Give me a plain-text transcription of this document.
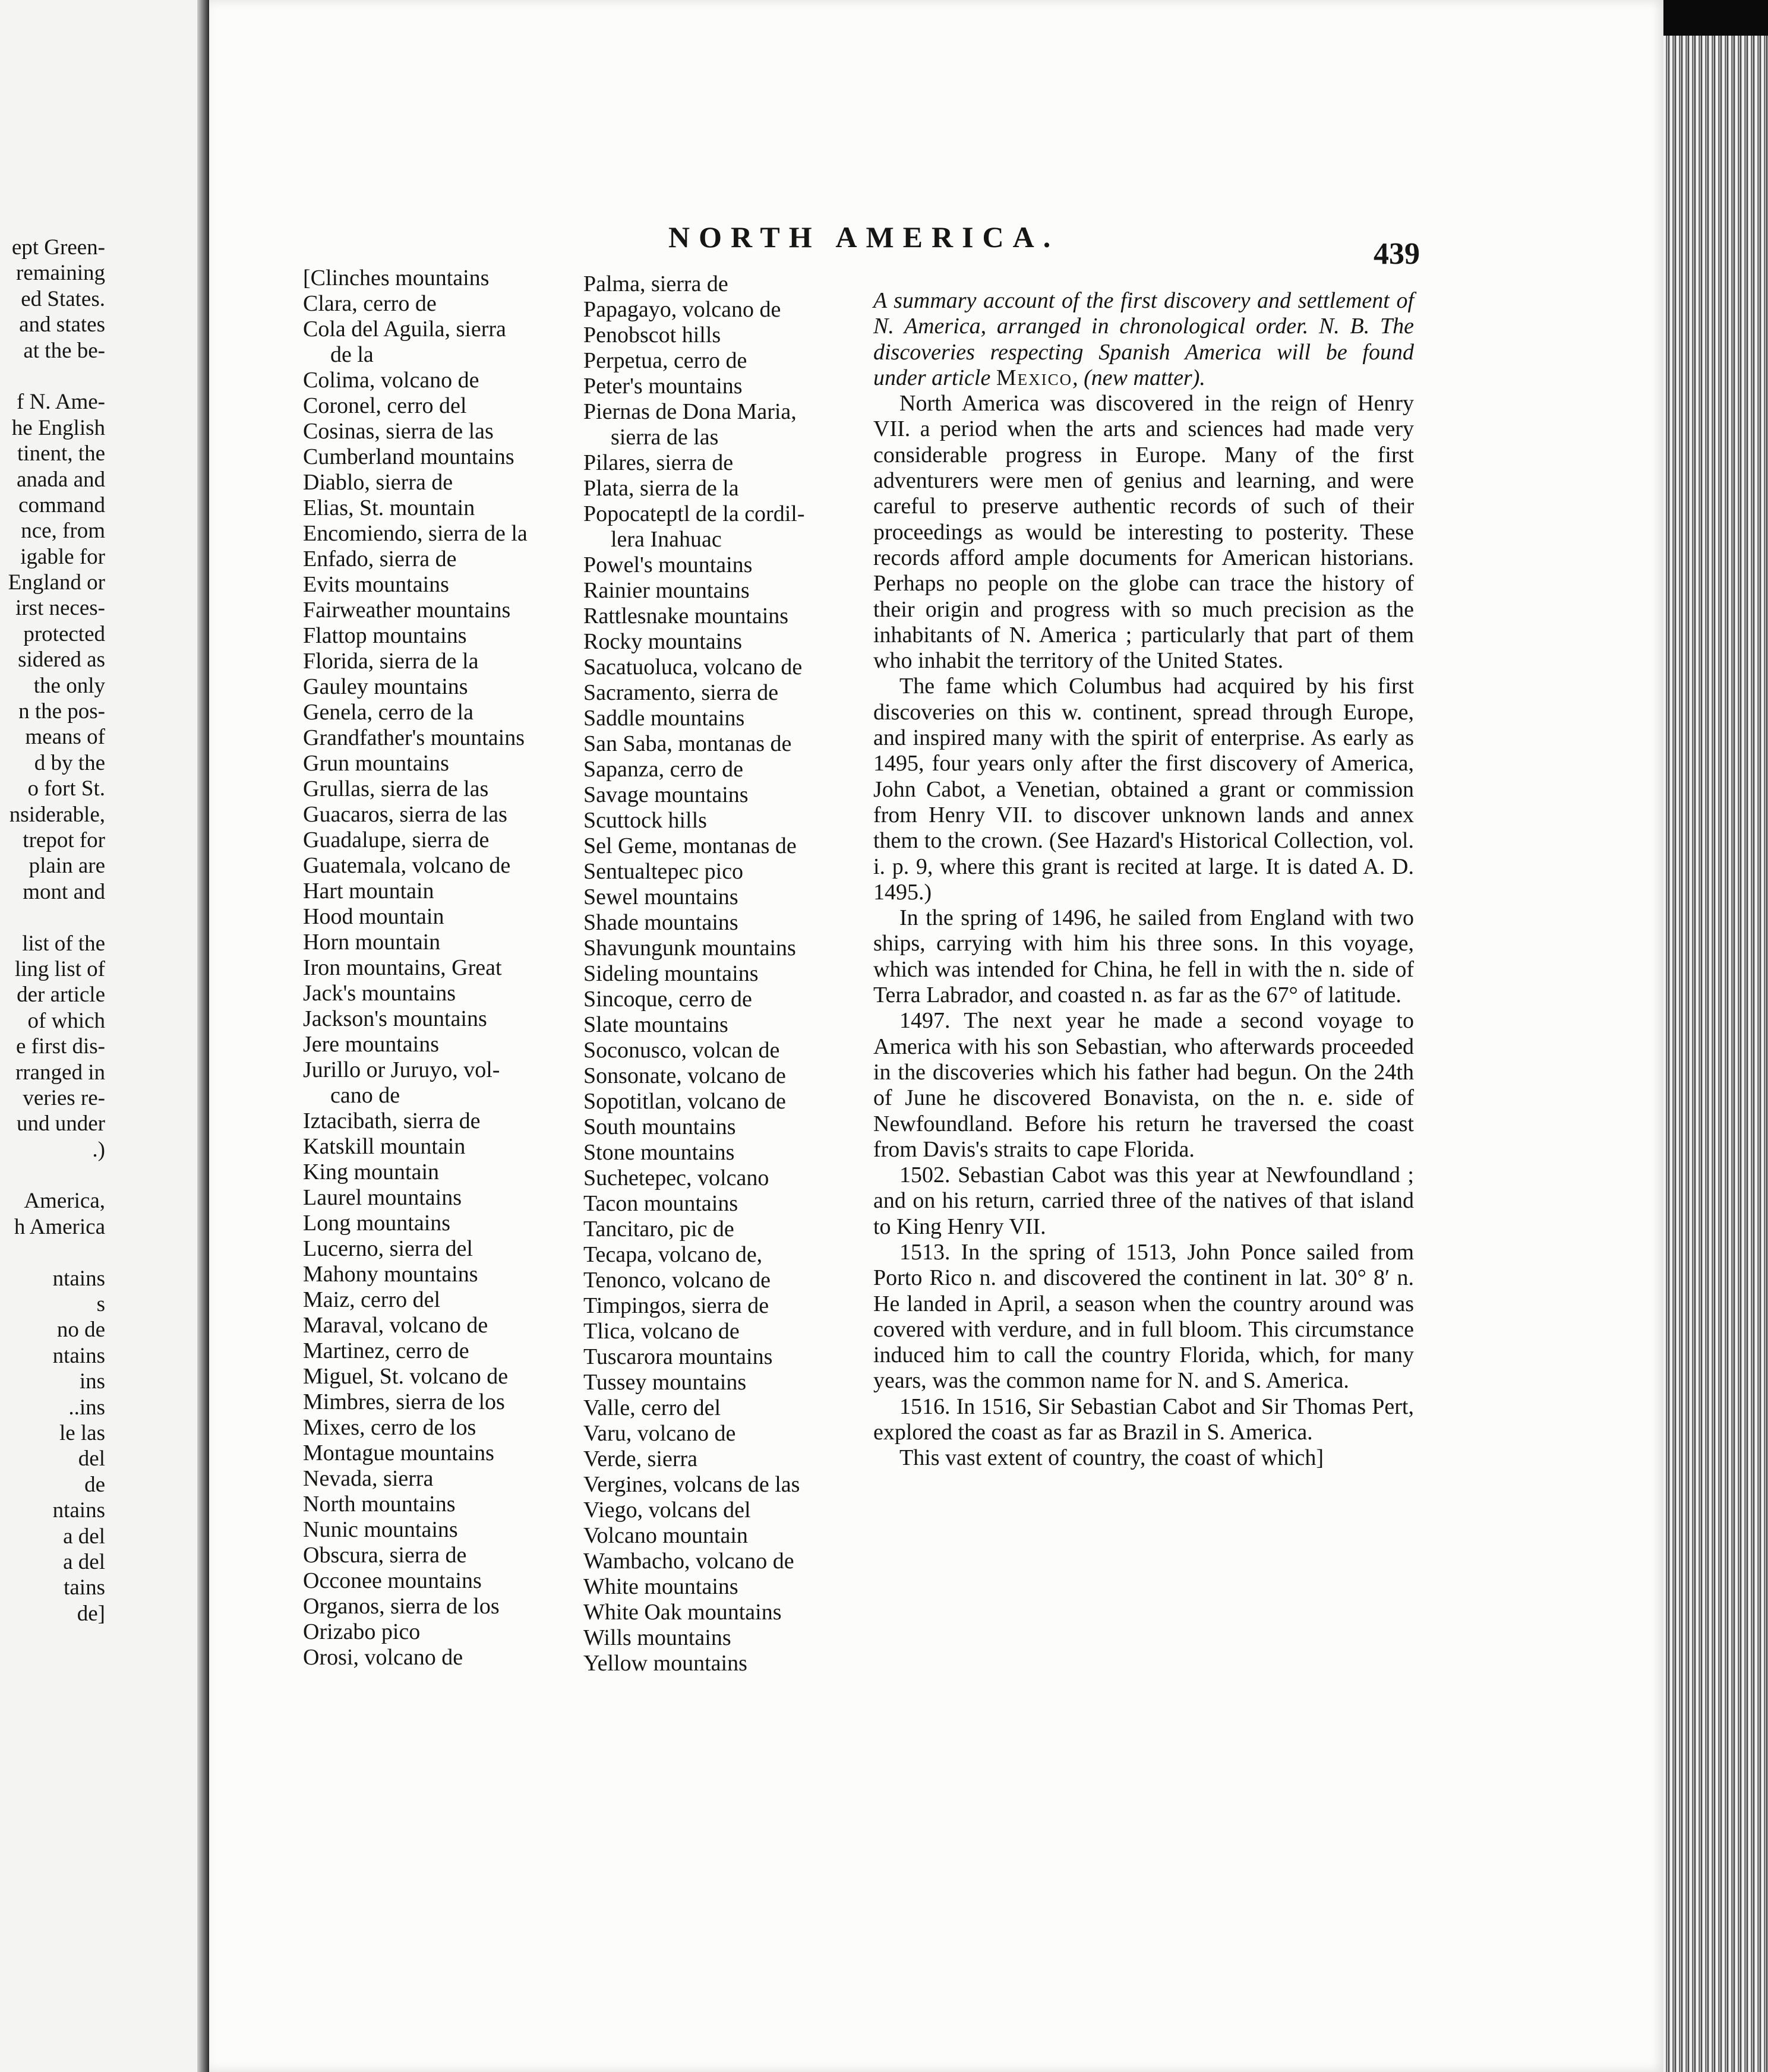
ept Green-
remaining
ed States.
and states
at the be-
f N. Ame-
he English
tinent, the
anada and
command
nce, from
igable for
England or
irst neces-
protected
sidered as
the only
n the pos-
means of
d by the
o fort St.
nsiderable,
trepot for
plain are
mont and
list of the
ling list of
der article
of which
e first dis-
rranged in
veries re-
und under
.)
America,
h America
ntains
s
no de
ntains
ins
..ins
le las
del
de
ntains
a del
a del
tains
de]
NORTH AMERICA.	439
[Clinches mountains
Clara, cerro de
Cola del Aguila, sierra
de la
Colima, volcano de
Coronel, cerro del
Cosinas, sierra de las
Cumberland mountains
Diablo, sierra de
Elias, St. mountain
Encomiendo, sierra de la
Enfado, sierra de
Evits mountains
Fairweather mountains
Flattop mountains
Florida, sierra de la
Gauley mountains
Genela, cerro de la
Grandfather's mountains
Grun mountains
Grullas, sierra de las
Guacaros, sierra de las
Guadalupe, sierra de
Guatemala, volcano de
Hart mountain
Hood mountain
Horn mountain
Iron mountains, Great
Jack's mountains
Jackson's mountains
Jere mountains
Jurillo or Juruyo, vol-
cano de
Iztacibath, sierra de
Katskill mountain
King mountain
Laurel mountains
Long mountains
Lucerno, sierra del
Mahony mountains
Maiz, cerro del
Maraval, volcano de
Martinez, cerro de
Miguel, St. volcano de
Mimbres, sierra de los
Mixes, cerro de los
Montague mountains
Nevada, sierra
North mountains
Nunic mountains
Obscura, sierra de
Occonee mountains
Organos, sierra de los
Orizabo pico
Orosi, volcano de
Palma, sierra de
Papagayo, volcano de
Penobscot hills
Perpetua, cerro de
Peter's mountains
Piernas de Dona Maria,
sierra de las
Pilares, sierra de
Plata, sierra de la
Popocateptl de la cordil-
lera Inahuac
Powel's mountains
Rainier mountains
Rattlesnake mountains
Rocky mountains
Sacatuoluca, volcano de
Sacramento, sierra de
Saddle mountains
San Saba, montanas de
Sapanza, cerro de
Savage mountains
Scuttock hills
Sel Geme, montanas de
Sentualtepec pico
Sewel mountains
Shade mountains
Shavungunk mountains
Sideling mountains
Sincoque, cerro de
Slate mountains
Soconusco, volcan de
Sonsonate, volcano de
Sopotitlan, volcano de
South mountains
Stone mountains
Suchetepec, volcano
Tacon mountains
Tancitaro, pic de
Tecapa, volcano de,
Tenonco, volcano de
Timpingos, sierra de
Tlica, volcano de
Tuscarora mountains
Tussey mountains
Valle, cerro del
Varu, volcano de
Verde, sierra
Vergines, volcans de las
Viego, volcans del
Volcano mountain
Wambacho, volcano de
White mountains
White Oak mountains
Wills mountains
Yellow mountains

A summary account of the first discovery and settlement of N. America, arranged in chronological order. N. B. The discoveries respecting Spanish America will be found under article Mexico, (new matter).

North America was discovered in the reign of Henry VII. a period when the arts and sciences had made very considerable progress in Europe. Many of the first adventurers were men of genius and learning, and were careful to preserve authentic records of such of their proceedings as would be interesting to posterity. These records afford ample documents for American historians. Perhaps no people on the globe can trace the history of their origin and progress with so much precision as the inhabitants of N. America ; particularly that part of them who inhabit the territory of the United States.

The fame which Columbus had acquired by his first discoveries on this w. continent, spread through Europe, and inspired many with the spirit of enterprise. As early as 1495, four years only after the first discovery of America, John Cabot, a Venetian, obtained a grant or commission from Henry VII. to discover unknown lands and annex them to the crown. (See Hazard's Historical Collection, vol. i. p. 9, where this grant is recited at large. It is dated A. D. 1495.)

In the spring of 1496, he sailed from England with two ships, carrying with him his three sons. In this voyage, which was intended for China, he fell in with the n. side of Terra Labrador, and coasted n. as far as the 67° of latitude.

1497. The next year he made a second voyage to America with his son Sebastian, who afterwards proceeded in the discoveries which his father had begun. On the 24th of June he discovered Bonavista, on the n. e. side of Newfoundland. Before his return he traversed the coast from Davis's straits to cape Florida.

1502. Sebastian Cabot was this year at Newfoundland ; and on his return, carried three of the natives of that island to King Henry VII.

1513. In the spring of 1513, John Ponce sailed from Porto Rico n. and discovered the continent in lat. 30° 8′ n. He landed in April, a season when the country around was covered with verdure, and in full bloom. This circumstance induced him to call the country Florida, which, for many years, was the common name for N. and S. America.

1516. In 1516, Sir Sebastian Cabot and Sir Thomas Pert, explored the coast as far as Brazil in S. America.

This vast extent of country, the coast of which]
